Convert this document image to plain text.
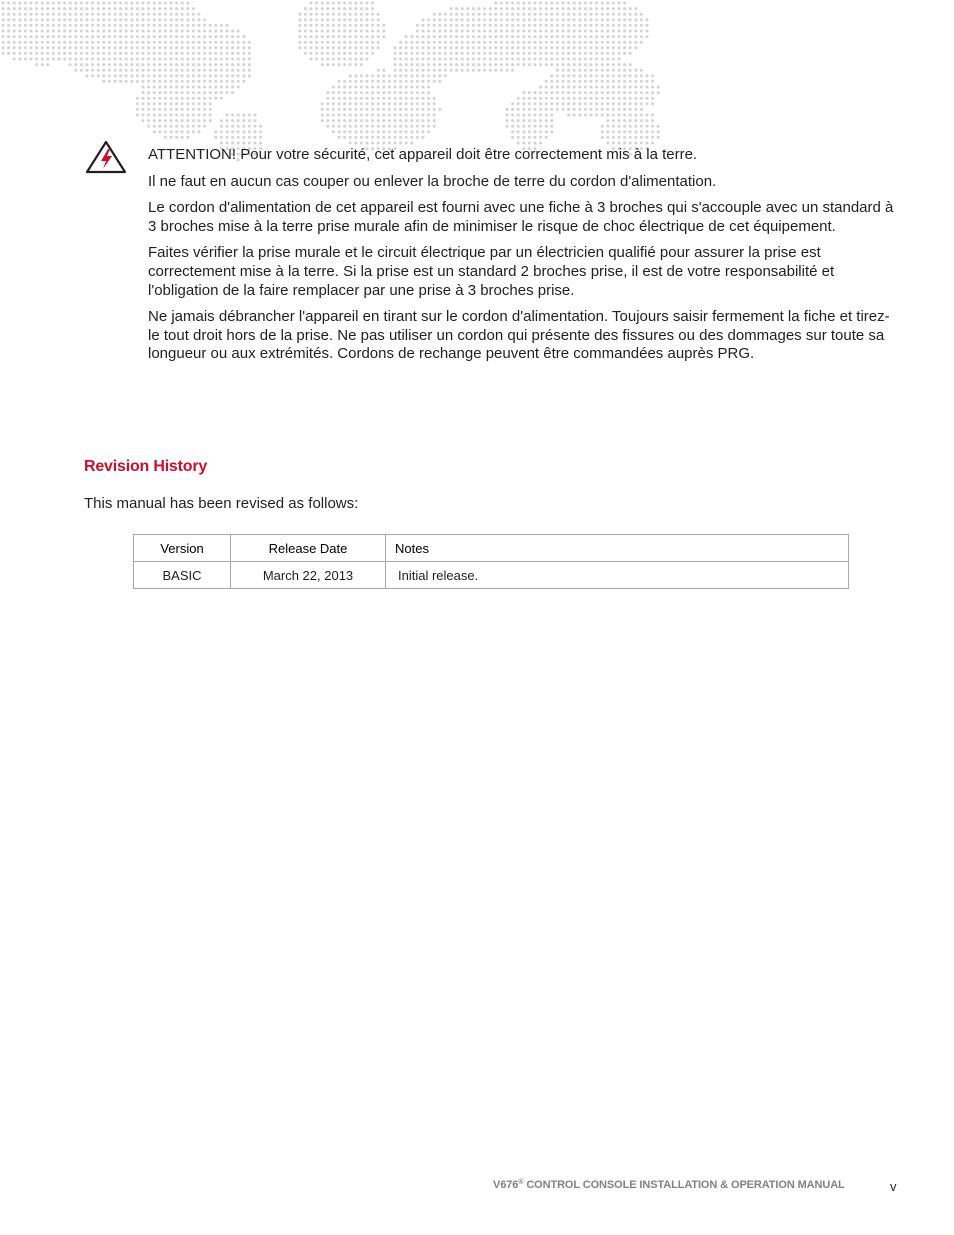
ATTENTION! Pour votre sécurité, cet appareil doit être correctement mis à la terre.

Il ne faut en aucun cas couper ou enlever la broche de terre du cordon d'alimentation.

Le cordon d'alimentation de cet appareil est fourni avec une fiche à 3 broches qui s'accouple avec un standard à 3 broches mise à la terre prise murale afin de minimiser le risque de choc électrique de cet équipement.

Faites vérifier la prise murale et le circuit électrique par un électricien qualifié pour assurer la prise est correctement mise à la terre. Si la prise est un standard 2 broches prise, il est de votre responsabilité et l'obligation de la faire remplacer par une prise à 3 broches prise.

Ne jamais débrancher l'appareil en tirant sur le cordon d'alimentation. Toujours saisir fermement la fiche et tirez-le tout droit hors de la prise. Ne pas utiliser un cordon qui présente des fissures ou des dommages sur toute sa longueur ou aux extrémités. Cordons de rechange peuvent être commandées auprès PRG.

Revision History

This manual has been revised as follows:

Version	Release Date	Notes
BASIC	March 22, 2013	Initial release.
V676® CONTROL CONSOLE INSTALLATION & OPERATION MANUAL	v
